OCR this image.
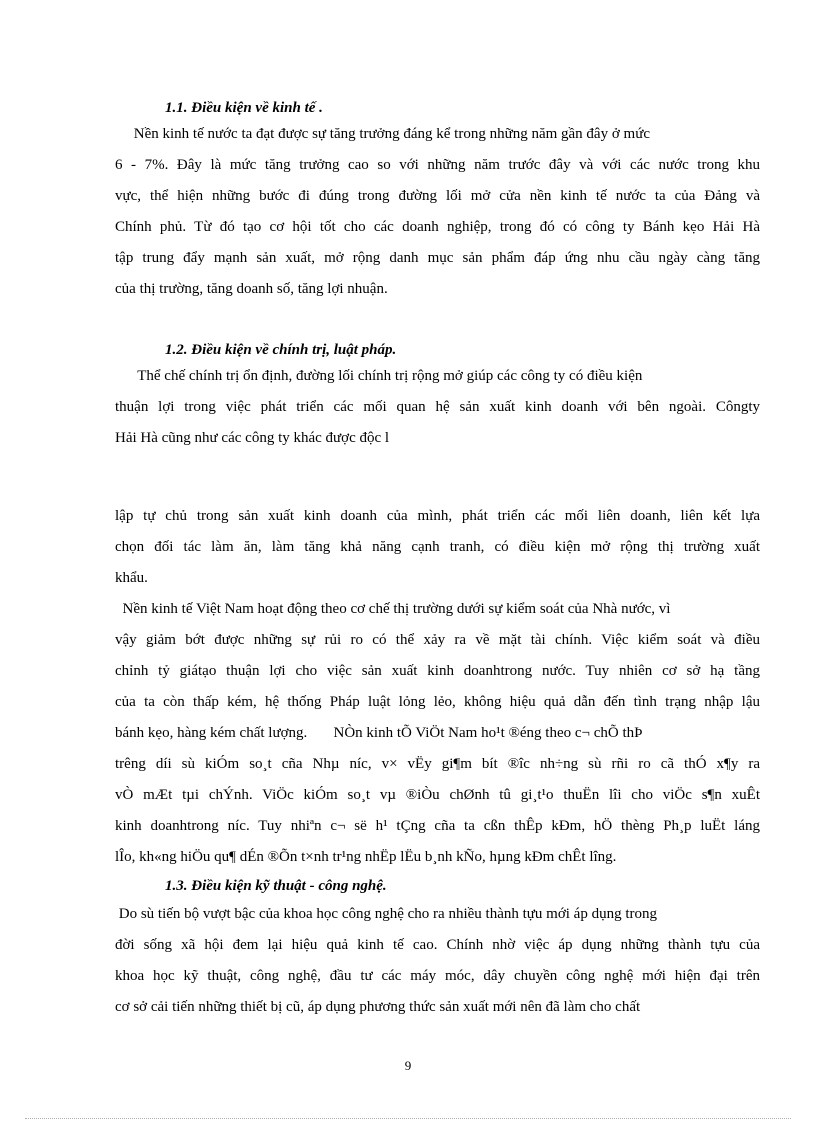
1.1. Điều kiện về kinh tế .
Nền kinh tế nước ta đạt được sự tăng trưởng đáng kể trong những năm gần đây ở mức
6 - 7%. Đây là mức tăng trưởng cao so với những năm trước đây và với các nước trong khu
vực, thể hiện những bước đi đúng trong đường lối mở cửa nền kinh tế nước ta của Đảng và
Chính phủ. Từ đó tạo cơ hội tốt cho các doanh nghiệp, trong đó có công ty Bánh kẹo Hải Hà
tập trung đẩy mạnh sản xuất, mở rộng danh mục sản phẩm đáp ứng nhu cầu ngày càng tăng
của thị trường, tăng doanh số, tăng lợi nhuận.
1.2. Điều kiện về chính trị, luật pháp.
Thể chế chính trị ổn định, đường lối chính trị rộng mở giúp các công ty có điều kiện
thuận lợi trong việc phát triển các mối quan hệ sản xuất kinh doanh với bên ngoài. Côngty
Hải Hà cũng như các công ty khác được độc l
lập tự chủ trong sản xuất kinh doanh của mình, phát triển các mối liên doanh, liên kết lựa
chọn đối tác làm ăn, làm tăng khả năng cạnh tranh, có điều kiện mở rộng thị trường xuất
khẩu.
Nền kinh tế Việt Nam hoạt động theo cơ chế thị trường dưới sự kiểm soát của Nhà nước, vì
vậy giảm bớt được những sự rủi ro có thể xảy ra về mặt tài chính. Việc kiểm soát và điều
chỉnh tỷ giátạo thuận lợi cho việc sản xuất kinh doanhtrong nước. Tuy nhiên cơ sở hạ tầng
của ta còn thấp kém, hệ thống Pháp luật lỏng lẻo, không hiệu quả dẫn đến tình trạng nhập lậu
bánh kẹo, hàng kém chất lượng.       NÒn kinh tÕ ViÖt Nam ho¹t ®éng theo c¬ chÕ thÞ
trêng díi sù kiÓm so¸t cña Nhµ níc, v× vËy gi¶m bít ®îc nh÷ng sù rñi ro cã thÓ x¶y ra
vÒ mÆt tµi chÝnh. ViÖc kiÓm so¸t vµ ®iÒu chØnh tû gi¸t¹o thuËn lîi cho viÖc s¶n xuÊt
kinh doanhtrong níc. Tuy nhiªn c¬ së h¹ tÇng cña ta cßn thÊp kÐm, hÖ thèng Ph¸p luËt láng
lÎo, kh«ng hiÖu qu¶ dÉn ®Õn t×nh tr¹ng nhËp lËu b¸nh kÑo, hµng kÐm chÊt lîng.
1.3. Điều kiện kỹ thuật - công nghệ.
Do sù tiến bộ vượt bậc của khoa học công nghệ cho ra nhiều thành tựu mới áp dụng trong
đời sống xã hội đem lại hiệu quả kinh tế cao. Chính nhờ việc áp dụng những thành tựu của
khoa học kỹ thuật, công nghệ, đầu tư các máy móc, dây chuyền công nghệ mới hiện đại trên
cơ sở cải tiến những thiết bị cũ, áp dụng phương thức sản xuất mới nên đã làm cho chất
9
